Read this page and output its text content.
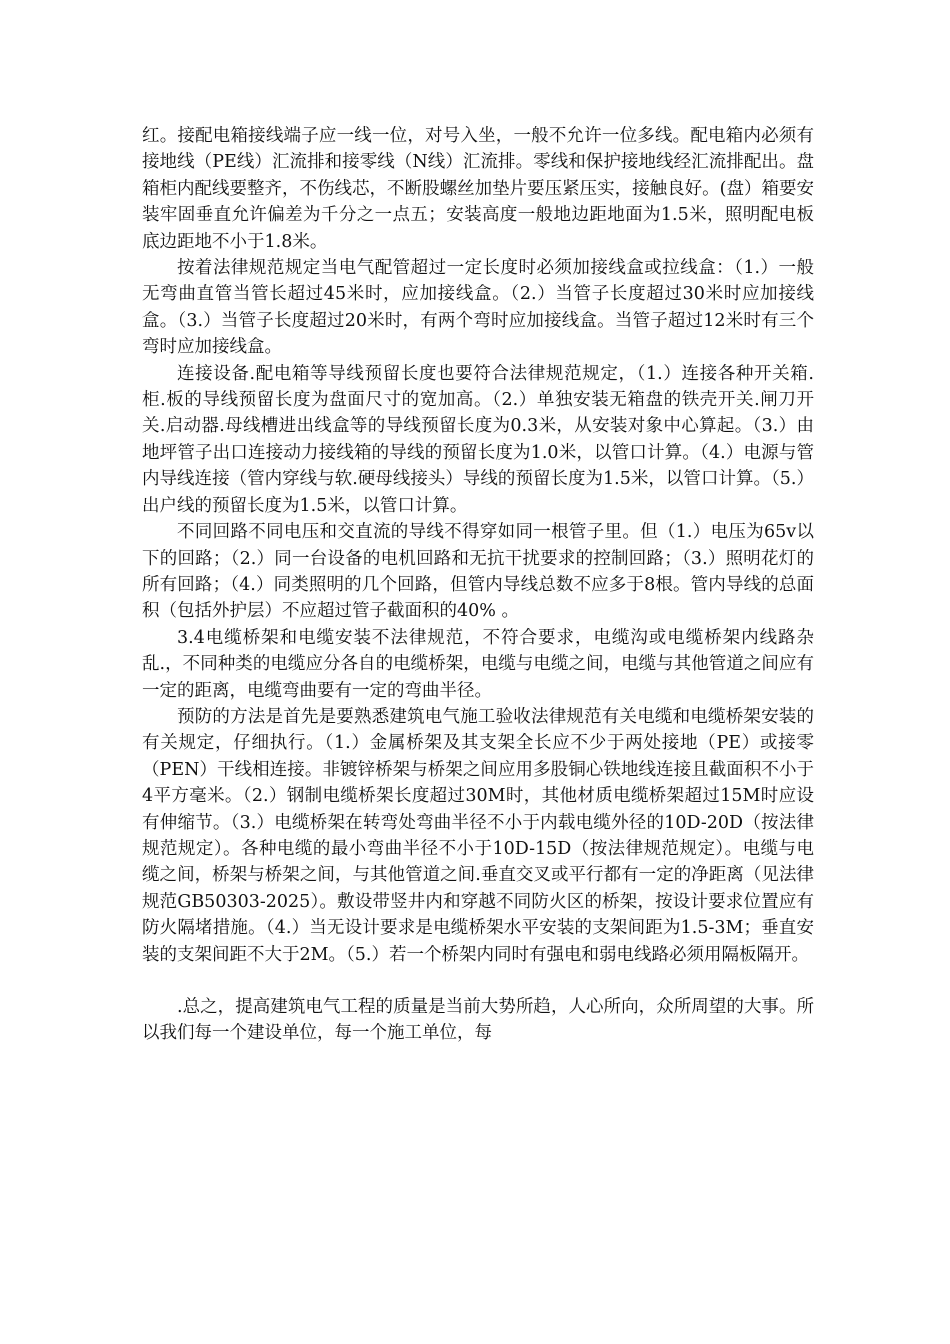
红。接配电箱接线端子应一线一位，对号入坐，一般不允许一位多线。配电箱内必须有接地线（PE线）汇流排和接零线（N线）汇流排。零线和保护接地线经汇流排配出。盘箱柜内配线要整齐，不伤线芯，不断股螺丝加垫片要压紧压实，接触良好。(盘）箱要安装牢固垂直允许偏差为千分之一点五；安装高度一般地边距地面为1.5米，照明配电板底边距地不小于1.8米。

按着法律规范规定当电气配管超过一定长度时必须加接线盒或拉线盒：（1.）一般无弯曲直管当管长超过45米时，应加接线盒。（2.）当管子长度超过30米时应加接线盒。（3.）当管子长度超过20米时，有两个弯时应加接线盒。当管子超过12米时有三个弯时应加接线盒。

连接设备.配电箱等导线预留长度也要符合法律规范规定，（1.）连接各种开关箱.柜.板的导线预留长度为盘面尺寸的宽加高。（2.）单独安装无箱盘的铁壳开关.闸刀开关.启动器.母线槽进出线盒等的导线预留长度为0.3米，从安装对象中心算起。（3.）由地坪管子出口连接动力接线箱的导线的预留长度为1.0米，以管口计算。（4.）电源与管内导线连接（管内穿线与软.硬母线接头）导线的预留长度为1.5米，以管口计算。（5.）出户线的预留长度为1.5米，以管口计算。

不同回路不同电压和交直流的导线不得穿如同一根管子里。但（1.）电压为65v以下的回路；（2.）同一台设备的电机回路和无抗干扰要求的控制回路；（3.）照明花灯的所有回路；（4.）同类照明的几个回路，但管内导线总数不应多于8根。管内导线的总面积（包括外护层）不应超过管子截面积的40% 。

3.4电缆桥架和电缆安装不法律规范，不符合要求，电缆沟或电缆桥架内线路杂乱.，不同种类的电缆应分各自的电缆桥架，电缆与电缆之间，电缆与其他管道之间应有一定的距离，电缆弯曲要有一定的弯曲半径。

预防的方法是首先是要熟悉建筑电气施工验收法律规范有关电缆和电缆桥架安装的有关规定，仔细执行。（1.）金属桥架及其支架全长应不少于两处接地（PE）或接零（PEN）干线相连接。非镀锌桥架与桥架之间应用多股铜心铁地线连接且截面积不小于4平方毫米。（2.）钢制电缆桥架长度超过30M时，其他材质电缆桥架超过15M时应设有伸缩节。（3.）电缆桥架在转弯处弯曲半径不小于内载电缆外径的10D-20D（按法律规范规定）。各种电缆的最小弯曲半径不小于10D-15D（按法律规范规定）。电缆与电缆之间，桥架与桥架之间，与其他管道之间.垂直交叉或平行都有一定的净距离（见法律规范GB50303-2025）。敷设带竖井内和穿越不同防火区的桥架，按设计要求位置应有防火隔堵措施。（4.）当无设计要求是电缆桥架水平安装的支架间距为1.5-3M；垂直安装的支架间距不大于2M。（5.）若一个桥架内同时有强电和弱电线路必须用隔板隔开。

.总之，提高建筑电气工程的质量是当前大势所趋，人心所向，众所周望的大事。所以我们每一个建设单位，每一个施工单位，每
